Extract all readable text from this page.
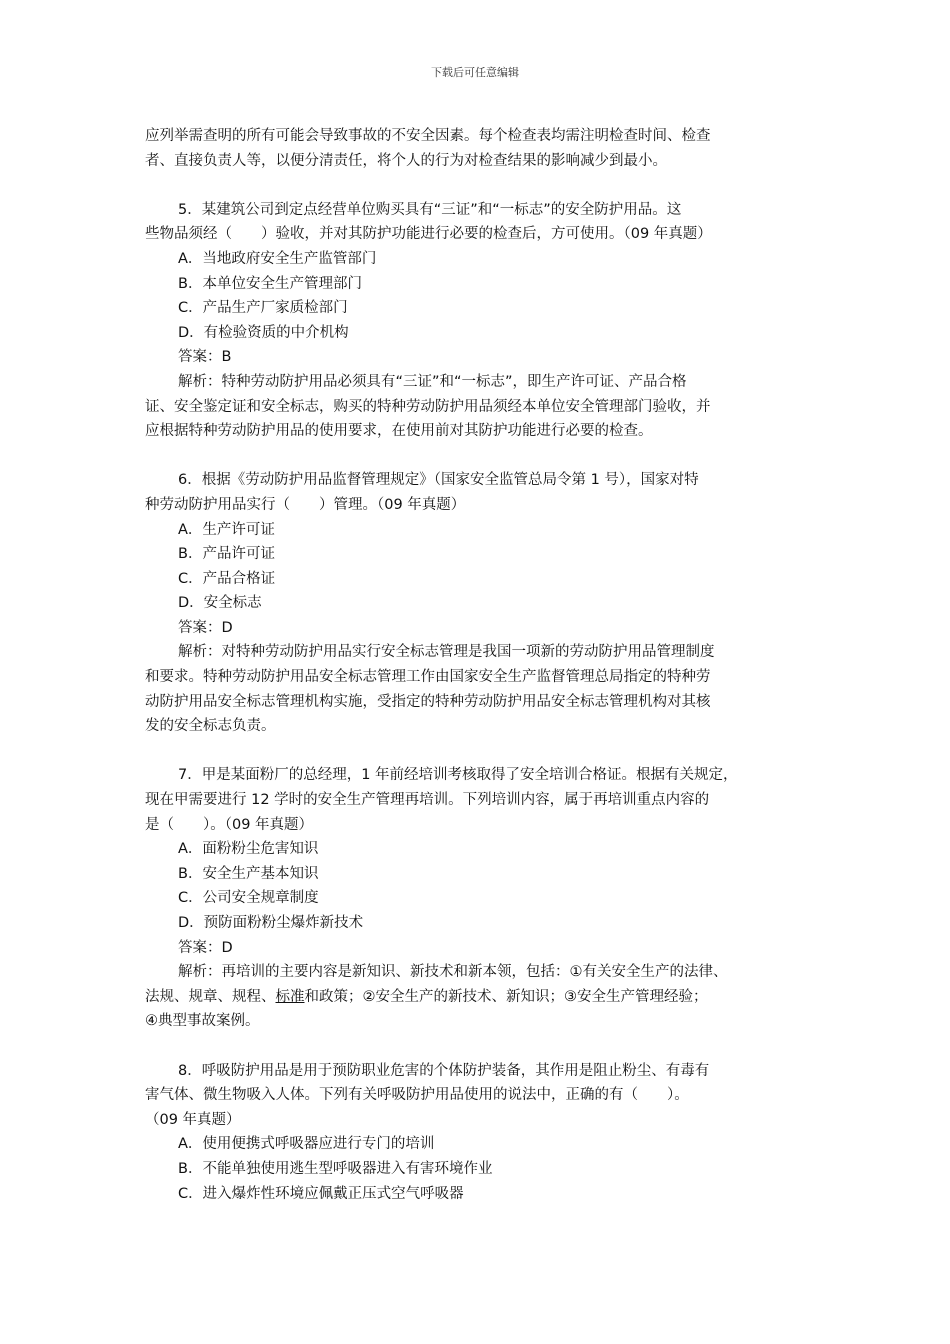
下载后可任意编辑
应列举需查明的所有可能会导致事故的不安全因素。每个检查表均需注明检查时间、检查
者、直接负责人等，以便分清责任，将个人的行为对检查结果的影响减少到最小。
5．某建筑公司到定点经营单位购买具有“三证”和“一标志”的安全防护用品。这
些物品须经（　　）验收，并对其防护功能进行必要的检查后，方可使用。（09 年真题）
A．当地政府安全生产监管部门
B．本单位安全生产管理部门
C．产品生产厂家质检部门
D．有检验资质的中介机构
答案：B
解析：特种劳动防护用品必须具有“三证”和“一标志”，即生产许可证、产品合格
证、安全鉴定证和安全标志，购买的特种劳动防护用品须经本单位安全管理部门验收，并
应根据特种劳动防护用品的使用要求，在使用前对其防护功能进行必要的检查。
6．根据《劳动防护用品监督管理规定》（国家安全监管总局令第 1 号），国家对特
种劳动防护用品实行（　　）管理。（09 年真题）
A．生产许可证
B．产品许可证
C．产品合格证
D．安全标志
答案：D
解析：对特种劳动防护用品实行安全标志管理是我国一项新的劳动防护用品管理制度
和要求。特种劳动防护用品安全标志管理工作由国家安全生产监督管理总局指定的特种劳
动防护用品安全标志管理机构实施，受指定的特种劳动防护用品安全标志管理机构对其核
发的安全标志负责。
7．甲是某面粉厂的总经理，1 年前经培训考核取得了安全培训合格证。根据有关规定，
现在甲需要进行 12 学时的安全生产管理再培训。下列培训内容，属于再培训重点内容的
是（　　）。（09 年真题）
A．面粉粉尘危害知识
B．安全生产基本知识
C．公司安全规章制度
D．预防面粉粉尘爆炸新技术
答案：D
解析：再培训的主要内容是新知识、新技术和新本领，包括：①有关安全生产的法律、
法规、规章、规程、标准和政策；②安全生产的新技术、新知识；③安全生产管理经验；
④典型事故案例。
8．呼吸防护用品是用于预防职业危害的个体防护装备，其作用是阻止粉尘、有毒有
害气体、微生物吸入人体。下列有关呼吸防护用品使用的说法中，正确的有（　　）。
（09 年真题）
A．使用便携式呼吸器应进行专门的培训
B．不能单独使用逃生型呼吸器进入有害环境作业
C．进入爆炸性环境应佩戴正压式空气呼吸器
